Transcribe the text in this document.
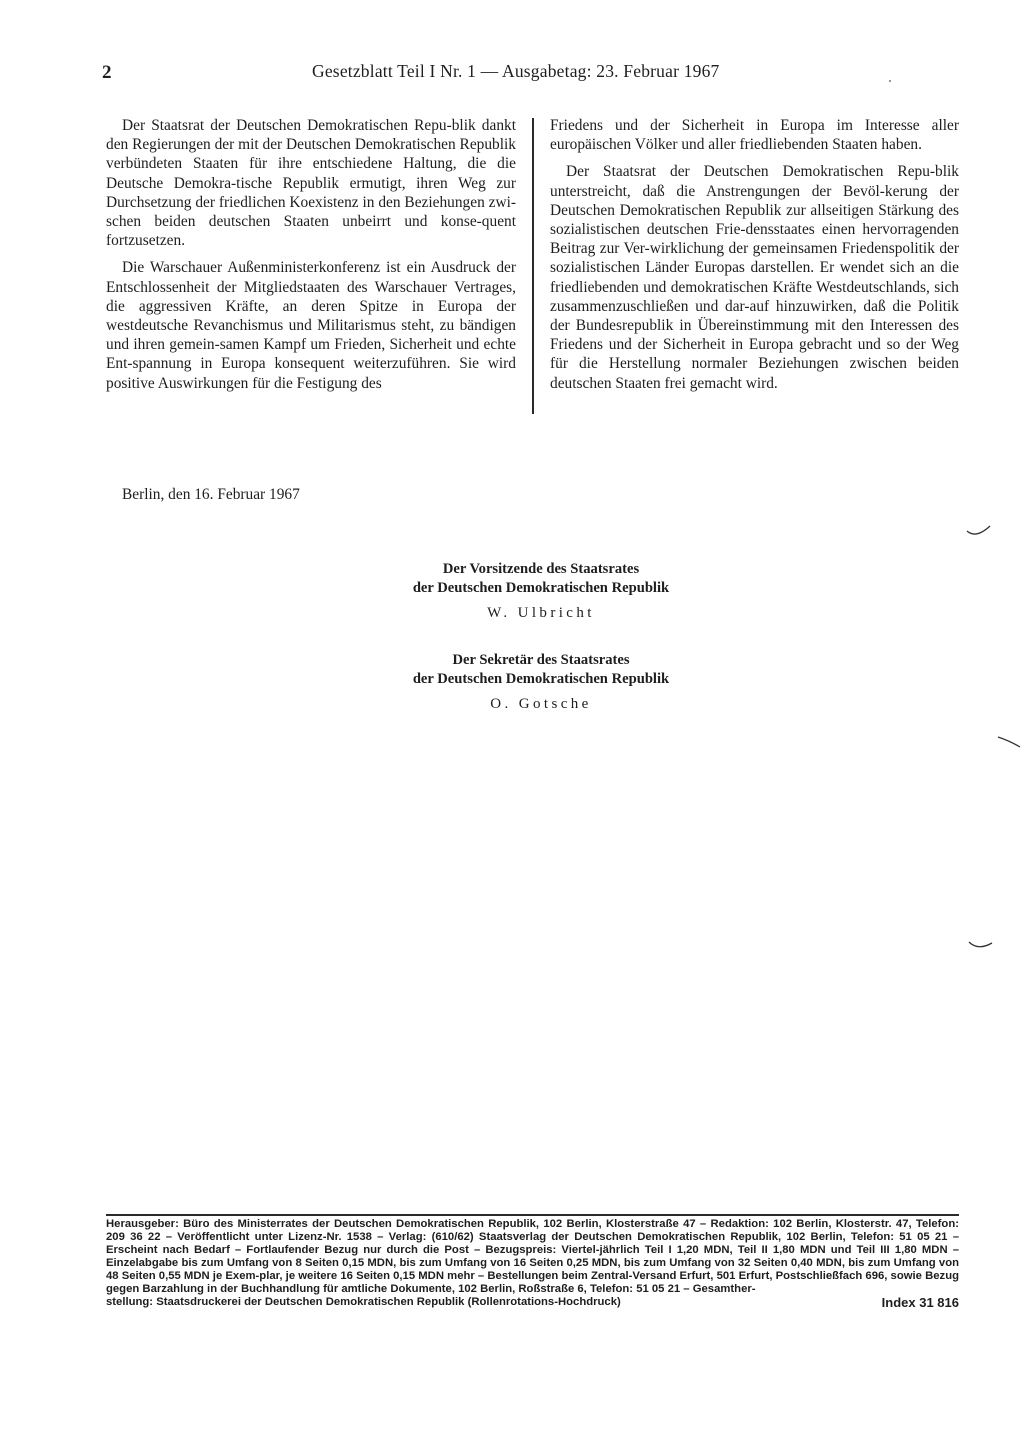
2	Gesetzblatt Teil I Nr. 1 — Ausgabetag: 23. Februar 1967

Der Staatsrat der Deutschen Demokratischen Repu-blik dankt den Regierungen der mit der Deutschen Demokratischen Republik verbündeten Staaten für ihre entschiedene Haltung, die die Deutsche Demokra-tische Republik ermutigt, ihren Weg zur Durchsetzung der friedlichen Koexistenz in den Beziehungen zwi-schen beiden deutschen Staaten unbeirrt und konse-quent fortzusetzen.

Die Warschauer Außenministerkonferenz ist ein Ausdruck der Entschlossenheit der Mitgliedstaaten des Warschauer Vertrages, die aggressiven Kräfte, an deren Spitze in Europa der westdeutsche Revanchismus und Militarismus steht, zu bändigen und ihren gemein-samen Kampf um Frieden, Sicherheit und echte Ent-spannung in Europa konsequent weiterzuführen. Sie wird positive Auswirkungen für die Festigung des

Friedens und der Sicherheit in Europa im Interesse aller europäischen Völker und aller friedliebenden Staaten haben.

Der Staatsrat der Deutschen Demokratischen Repu-blik unterstreicht, daß die Anstrengungen der Bevöl-kerung der Deutschen Demokratischen Republik zur allseitigen Stärkung des sozialistischen deutschen Frie-densstaates einen hervorragenden Beitrag zur Ver-wirklichung der gemeinsamen Friedenspolitik der sozialistischen Länder Europas darstellen. Er wendet sich an die friedliebenden und demokratischen Kräfte Westdeutschlands, sich zusammenzuschließen und dar-auf hinzuwirken, daß die Politik der Bundesrepublik in Übereinstimmung mit den Interessen des Friedens und der Sicherheit in Europa gebracht und so der Weg für die Herstellung normaler Beziehungen zwischen beiden deutschen Staaten frei gemacht wird.

Berlin, den 16. Februar 1967
Der Vorsitzende des Staatsrates
der Deutschen Demokratischen Republik
W. Ulbricht
Der Sekretär des Staatsrates
der Deutschen Demokratischen Republik
O. Gotsche
Herausgeber: Büro des Ministerrates der Deutschen Demokratischen Republik, 102 Berlin, Klosterstraße 47 – Redaktion: 102 Berlin, Klosterstr. 47, Telefon: 209 36 22 – Veröffentlicht unter Lizenz-Nr. 1538 – Verlag: (610/62) Staatsverlag der Deutschen Demokratischen Republik, 102 Berlin, Telefon: 51 05 21 – Erscheint nach Bedarf – Fortlaufender Bezug nur durch die Post – Bezugspreis: Viertel-jährlich Teil I 1,20 MDN, Teil II 1,80 MDN und Teil III 1,80 MDN – Einzelabgabe bis zum Umfang von 8 Seiten 0,15 MDN, bis zum Umfang von 16 Seiten 0,25 MDN, bis zum Umfang von 32 Seiten 0,40 MDN, bis zum Umfang von 48 Seiten 0,55 MDN je Exem-plar, je weitere 16 Seiten 0,15 MDN mehr – Bestellungen beim Zentral-Versand Erfurt, 501 Erfurt, Postschließfach 696, sowie Bezug gegen Barzahlung in der Buchhandlung für amtliche Dokumente, 102 Berlin, Roßstraße 6, Telefon: 51 05 21 – Gesamther-
stellung: Staatsdruckerei der Deutschen Demokratischen Republik (Rollenrotations-Hochdruck)	Index 31 816
